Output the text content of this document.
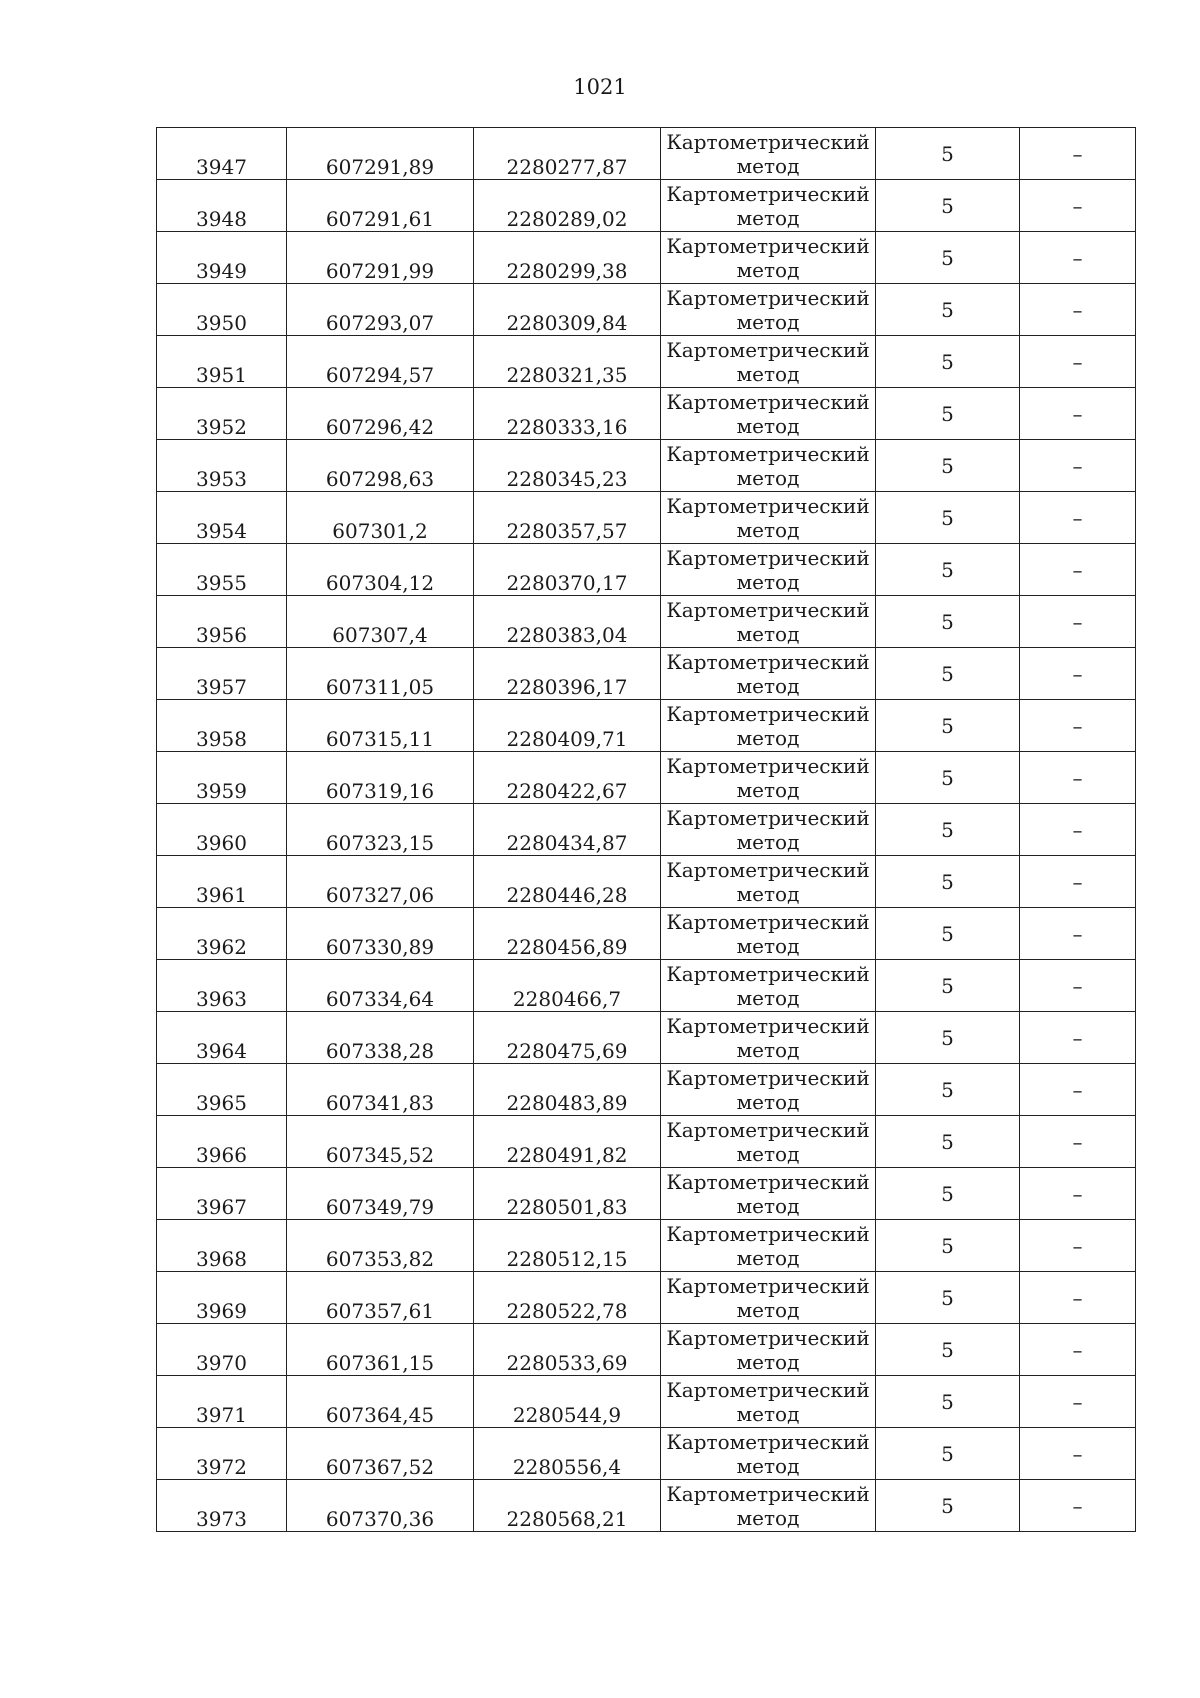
1021
3947	607291,89	2280277,87	Картометрический
метод	5	–
3948	607291,61	2280289,02	Картометрический
метод	5	–
3949	607291,99	2280299,38	Картометрический
метод	5	–
3950	607293,07	2280309,84	Картометрический
метод	5	–
3951	607294,57	2280321,35	Картометрический
метод	5	–
3952	607296,42	2280333,16	Картометрический
метод	5	–
3953	607298,63	2280345,23	Картометрический
метод	5	–
3954	607301,2	2280357,57	Картометрический
метод	5	–
3955	607304,12	2280370,17	Картометрический
метод	5	–
3956	607307,4	2280383,04	Картометрический
метод	5	–
3957	607311,05	2280396,17	Картометрический
метод	5	–
3958	607315,11	2280409,71	Картометрический
метод	5	–
3959	607319,16	2280422,67	Картометрический
метод	5	–
3960	607323,15	2280434,87	Картометрический
метод	5	–
3961	607327,06	2280446,28	Картометрический
метод	5	–
3962	607330,89	2280456,89	Картометрический
метод	5	–
3963	607334,64	2280466,7	Картометрический
метод	5	–
3964	607338,28	2280475,69	Картометрический
метод	5	–
3965	607341,83	2280483,89	Картометрический
метод	5	–
3966	607345,52	2280491,82	Картометрический
метод	5	–
3967	607349,79	2280501,83	Картометрический
метод	5	–
3968	607353,82	2280512,15	Картометрический
метод	5	–
3969	607357,61	2280522,78	Картометрический
метод	5	–
3970	607361,15	2280533,69	Картометрический
метод	5	–
3971	607364,45	2280544,9	Картометрический
метод	5	–
3972	607367,52	2280556,4	Картометрический
метод	5	–
3973	607370,36	2280568,21	Картометрический
метод	5	–
